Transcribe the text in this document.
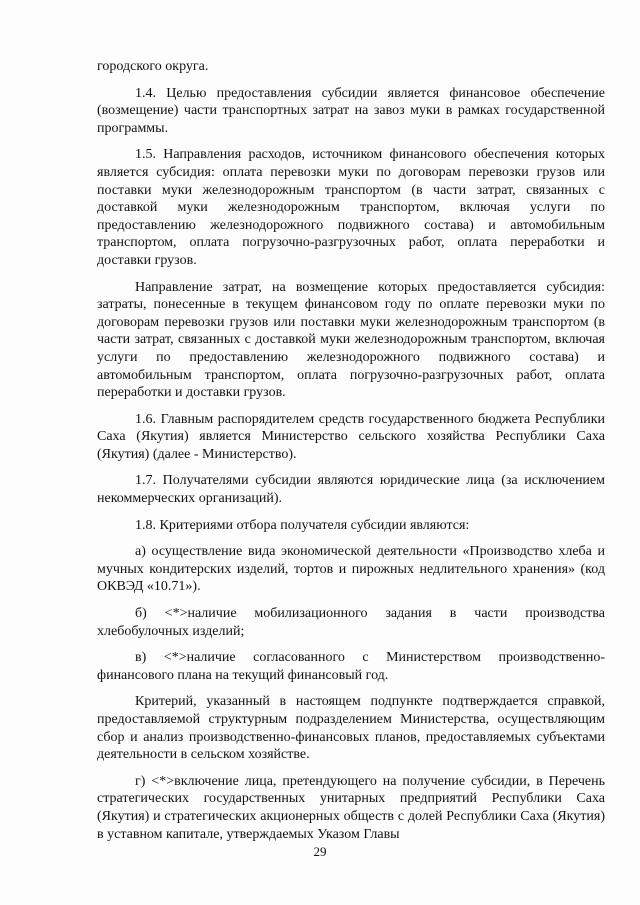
городского округа.

1.4. Целью предоставления субсидии является финансовое обеспечение (возмещение) части транспортных затрат на завоз муки в рамках государственной программы.

1.5. Направления расходов, источником финансового обеспечения которых является субсидия: оплата перевозки муки по договорам перевозки грузов или поставки муки железнодорожным транспортом (в части затрат, связанных с доставкой муки железнодорожным транспортом, включая услуги по предоставлению железнодорожного подвижного состава) и автомобильным транспортом, оплата погрузочно-разгрузочных работ, оплата переработки и доставки грузов.

Направление затрат, на возмещение которых предоставляется субсидия: затраты, понесенные в текущем финансовом году по оплате перевозки муки по договорам перевозки грузов или поставки муки железнодорожным транспортом (в части затрат, связанных с доставкой муки железнодорожным транспортом, включая услуги по предоставлению железнодорожного подвижного состава) и автомобильным транспортом, оплата погрузочно-разгрузочных работ, оплата переработки и доставки грузов.

1.6. Главным распорядителем средств государственного бюджета Республики Саха (Якутия) является Министерство сельского хозяйства Республики Саха (Якутия) (далее - Министерство).

1.7. Получателями субсидии являются юридические лица (за исключением некоммерческих организаций).

1.8. Критериями отбора получателя субсидии являются:

а) осуществление вида экономической деятельности «Производство хлеба и мучных кондитерских изделий, тортов и пирожных недлительного хранения» (код ОКВЭД «10.71»).

б) <*>наличие мобилизационного задания в части производства хлебобулочных изделий;

в) <*>наличие согласованного с Министерством производственно-финансового плана на текущий финансовый год.

Критерий, указанный в настоящем подпункте подтверждается справкой, предоставляемой структурным подразделением Министерства, осуществляющим сбор и анализ производственно-финансовых планов, предоставляемых субъектами деятельности в сельском хозяйстве.

г) <*>включение лица, претендующего на получение субсидии, в Перечень стратегических государственных унитарных предприятий Республики Саха (Якутия) и стратегических акционерных обществ с долей Республики Саха (Якутия) в уставном капитале, утверждаемых Указом Главы

29
